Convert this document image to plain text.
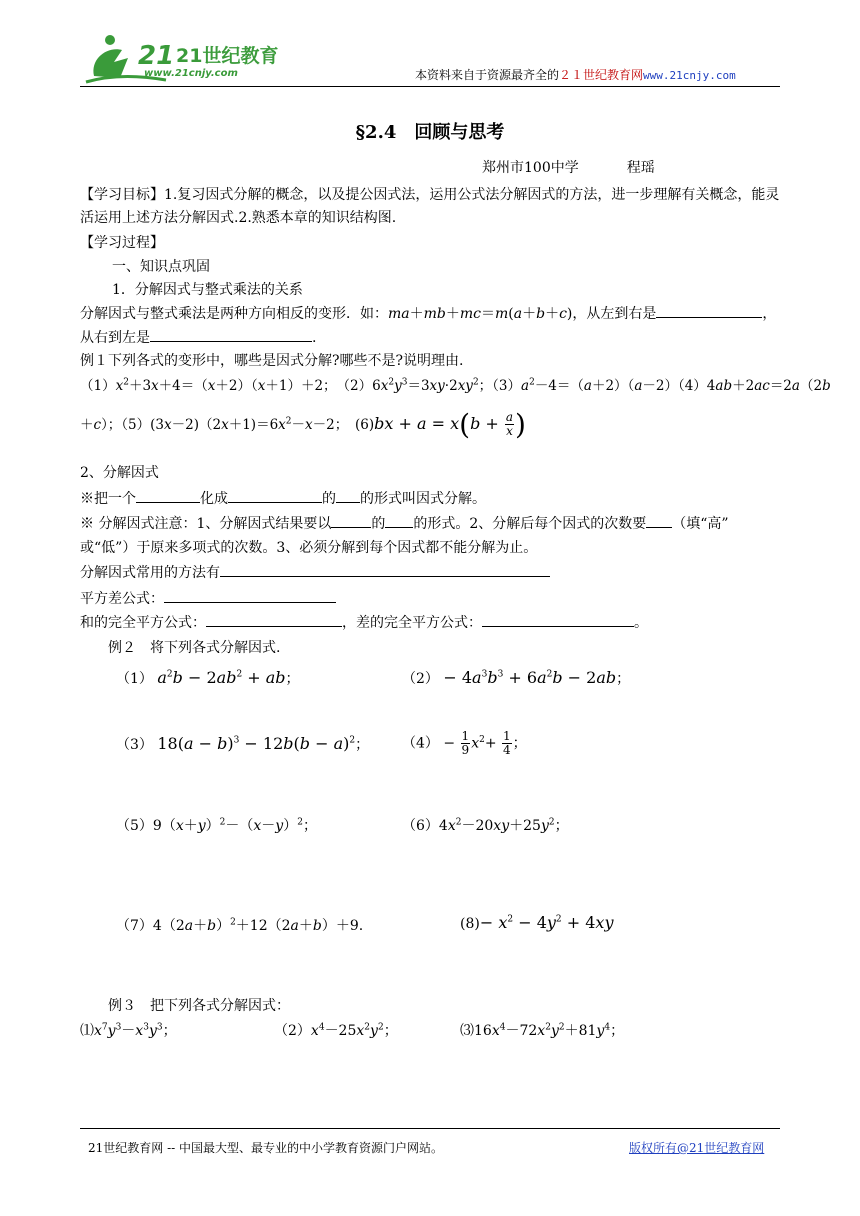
21 21世纪教育
www.21cnjy.com	本资料来自于资源最齐全的２１世纪教育网www.21cnjy.com
§2.4　回顾与思考
郑州市100中学	程瑶
【学习目标】1.复习因式分解的概念，以及提公因式法，运用公式法分解因式的方法，进一步理解有关概念，能灵活运用上述方法分解因式.2.熟悉本章的知识结构图.
【学习过程】
一、知识点巩固
1．分解因式与整式乘法的关系
分解因式与整式乘法是两种方向相反的变形．如：ma＋mb＋mc＝m(a＋b＋c)，从左到右是	，
从右到左是	.
例１下列各式的变形中，哪些是因式分解?哪些不是?说明理由.
$(1)x^2+3x+4=(x+2)(x+1)+2$；　$(2)6x^2y^3=3xy\cdot 2xy^2$；$(3)a^2-4=(a+2)(a-2)(4)4ab+2ac=2a(2b$
＋c）；$(5)(3x-2)(2x+1)=6x^2-x-2$；　$(6)bx + a = x(b + \frac{a}{x}$ )
2、分解因式
※把一个	化成	的 的形式叫因式分解。
※ 分解因式注意：1、分解因式结果要以	的 的形式。2、分解后每个因式的次数要 （填“高”
或“低”）于原来多项式的次数。3、必须分解到每个因式都不能分解为止。
分解因式常用的方法有
平方差公式：
和的完全平方公式：	，差的完全平方公式：	。
例２　将下列各式分解因式.
（1） $a^2b - 2ab^2$ + ab；	$(2) - 4a^3b^3 + 6a^2b - 2ab$；
（3） $18(a - b)^3 - 12b(b - a)^2$； $(4) - \frac{1}{9} x^2+ \frac{1}{4}$ ；
$(5)9(x+y)^2-(x-y)^2$；	$(6)4x^2-20xy+25y^2$；
$(7)4(2a+b)^2+12(2a+b)+9$.	$(8)- x^2 - 4y^2 + 4xy$
例３　把下列各式分解因式：
$⑴x^7y^3-x^3y^3$；	$(2)x^4-25x^2y^2$；	$⑶16x^4-72x^2y^2+81y^4$；
21世纪教育网 -- 中国最大型、最专业的中小学教育资源门户网站。	版权所有@21世纪教育网
